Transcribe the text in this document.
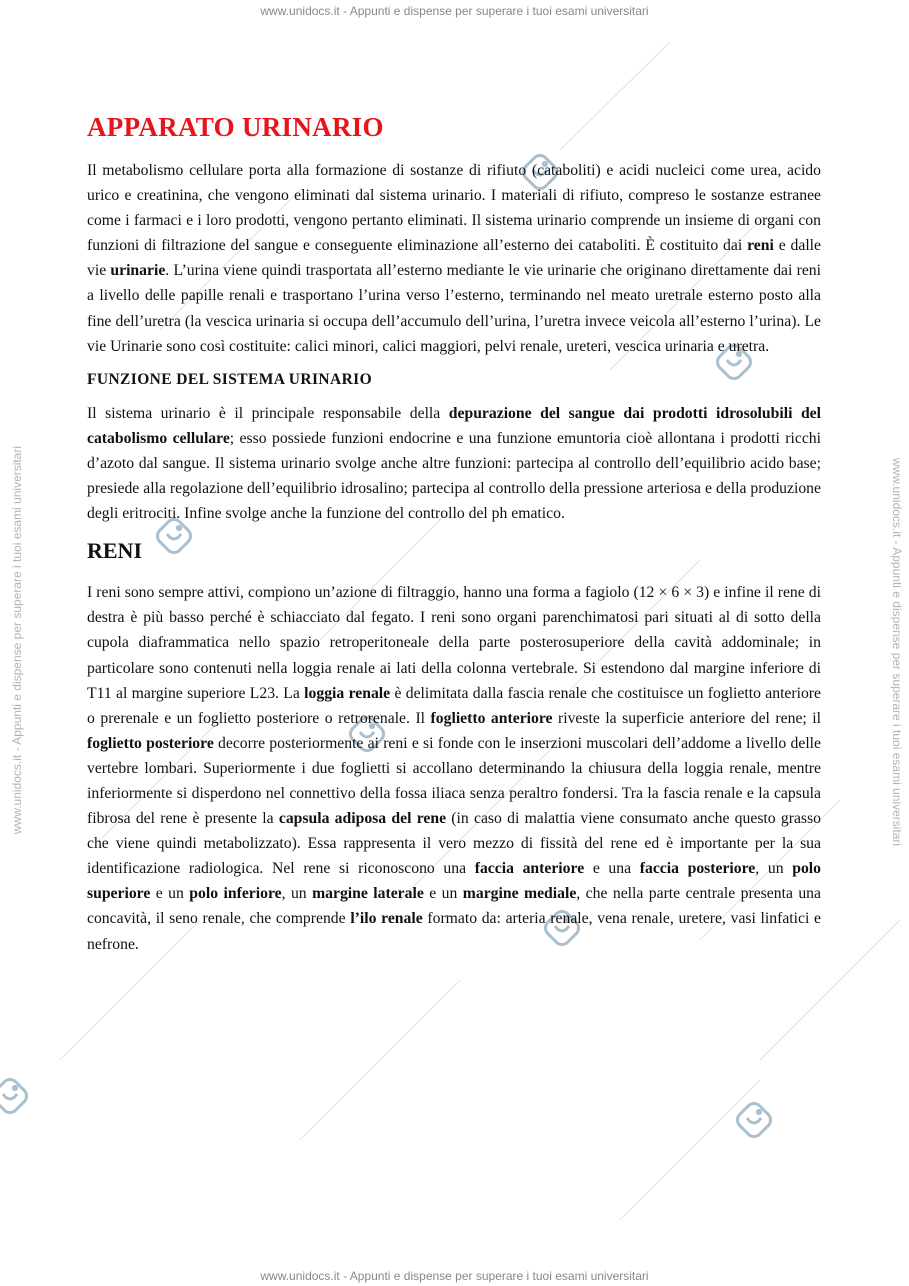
www.unidocs.it - Appunti e dispense per superare i tuoi esami universitari
www.unidocs.it - Appunti e dispense per superare i tuoi esami universitari
www.unidocs.it - Appunti e dispense per superare i tuoi esami universitari	www.unidocs.it - Appunti e dispense per superare i tuoi esami universitari
APPARATO URINARIO

Il metabolismo cellulare porta alla formazione di sostanze di rifiuto (cataboliti) e acidi nucleici come urea, acido urico e creatinina, che vengono eliminati dal sistema urinario. I materiali di rifiuto, compreso le sostanze estranee come i farmaci e i loro prodotti, vengono pertanto eliminati. Il sistema urinario comprende un insieme di organi con funzioni di filtrazione del sangue e conseguente eliminazione all’esterno dei cataboliti. È costituito dai reni e dalle vie urinarie. L’urina viene quindi trasportata all’esterno mediante le vie urinarie che originano direttamente dai reni a livello delle papille renali e trasportano l’urina verso l’esterno, terminando nel meato uretrale esterno posto alla fine dell’uretra (la vescica urinaria si occupa dell’accumulo dell’urina, l’uretra invece veicola all’esterno l’urina). Le vie Urinarie sono così costituite: calici minori, calici maggiori, pelvi renale, ureteri, vescica urinaria e uretra.

FUNZIONE DEL SISTEMA URINARIO

Il sistema urinario è il principale responsabile della depurazione del sangue dai prodotti idrosolubili del catabolismo cellulare; esso possiede funzioni endocrine e una funzione emuntoria cioè allontana i prodotti ricchi d’azoto dal sangue. Il sistema urinario svolge anche altre funzioni: partecipa al controllo dell’equilibrio acido base; presiede alla regolazione dell’equilibrio idrosalino; partecipa al controllo della pressione arteriosa e della produzione degli eritrociti. Infine svolge anche la funzione del controllo del ph ematico.

RENI

I reni sono sempre attivi, compiono un’azione di filtraggio, hanno una forma a fagiolo (12 × 6 × 3) e infine il rene di destra è più basso perché è schiacciato dal fegato. I reni sono organi parenchimatosi pari situati al di sotto della cupola diaframmatica nello spazio retroperitoneale della parte posterosuperiore della cavità addominale; in particolare sono contenuti nella loggia renale ai lati della colonna vertebrale. Si estendono dal margine inferiore di T11 al margine superiore L23. La loggia renale è delimitata dalla fascia renale che costituisce un foglietto anteriore o prerenale e un foglietto posteriore o retrorenale. Il foglietto anteriore riveste la superficie anteriore del rene; il foglietto posteriore decorre posteriormente ai reni e si fonde con le inserzioni muscolari dell’addome a livello delle vertebre lombari. Superiormente i due foglietti si accollano determinando la chiusura della loggia renale, mentre inferiormente si disperdono nel connettivo della fossa iliaca senza peraltro fondersi. Tra la fascia renale e la capsula fibrosa del rene è presente la capsula adiposa del rene (in caso di malattia viene consumato anche questo grasso che viene quindi metabolizzato). Essa rappresenta il vero mezzo di fissità del rene ed è importante per la sua identificazione radiologica. Nel rene si riconoscono una faccia anteriore e una faccia posteriore, un polo superiore e un polo inferiore, un margine laterale e un margine mediale, che nella parte centrale presenta una concavità, il seno renale, che comprende l’ilo renale formato da: arteria renale, vena renale, uretere, vasi linfatici e nefrone.
